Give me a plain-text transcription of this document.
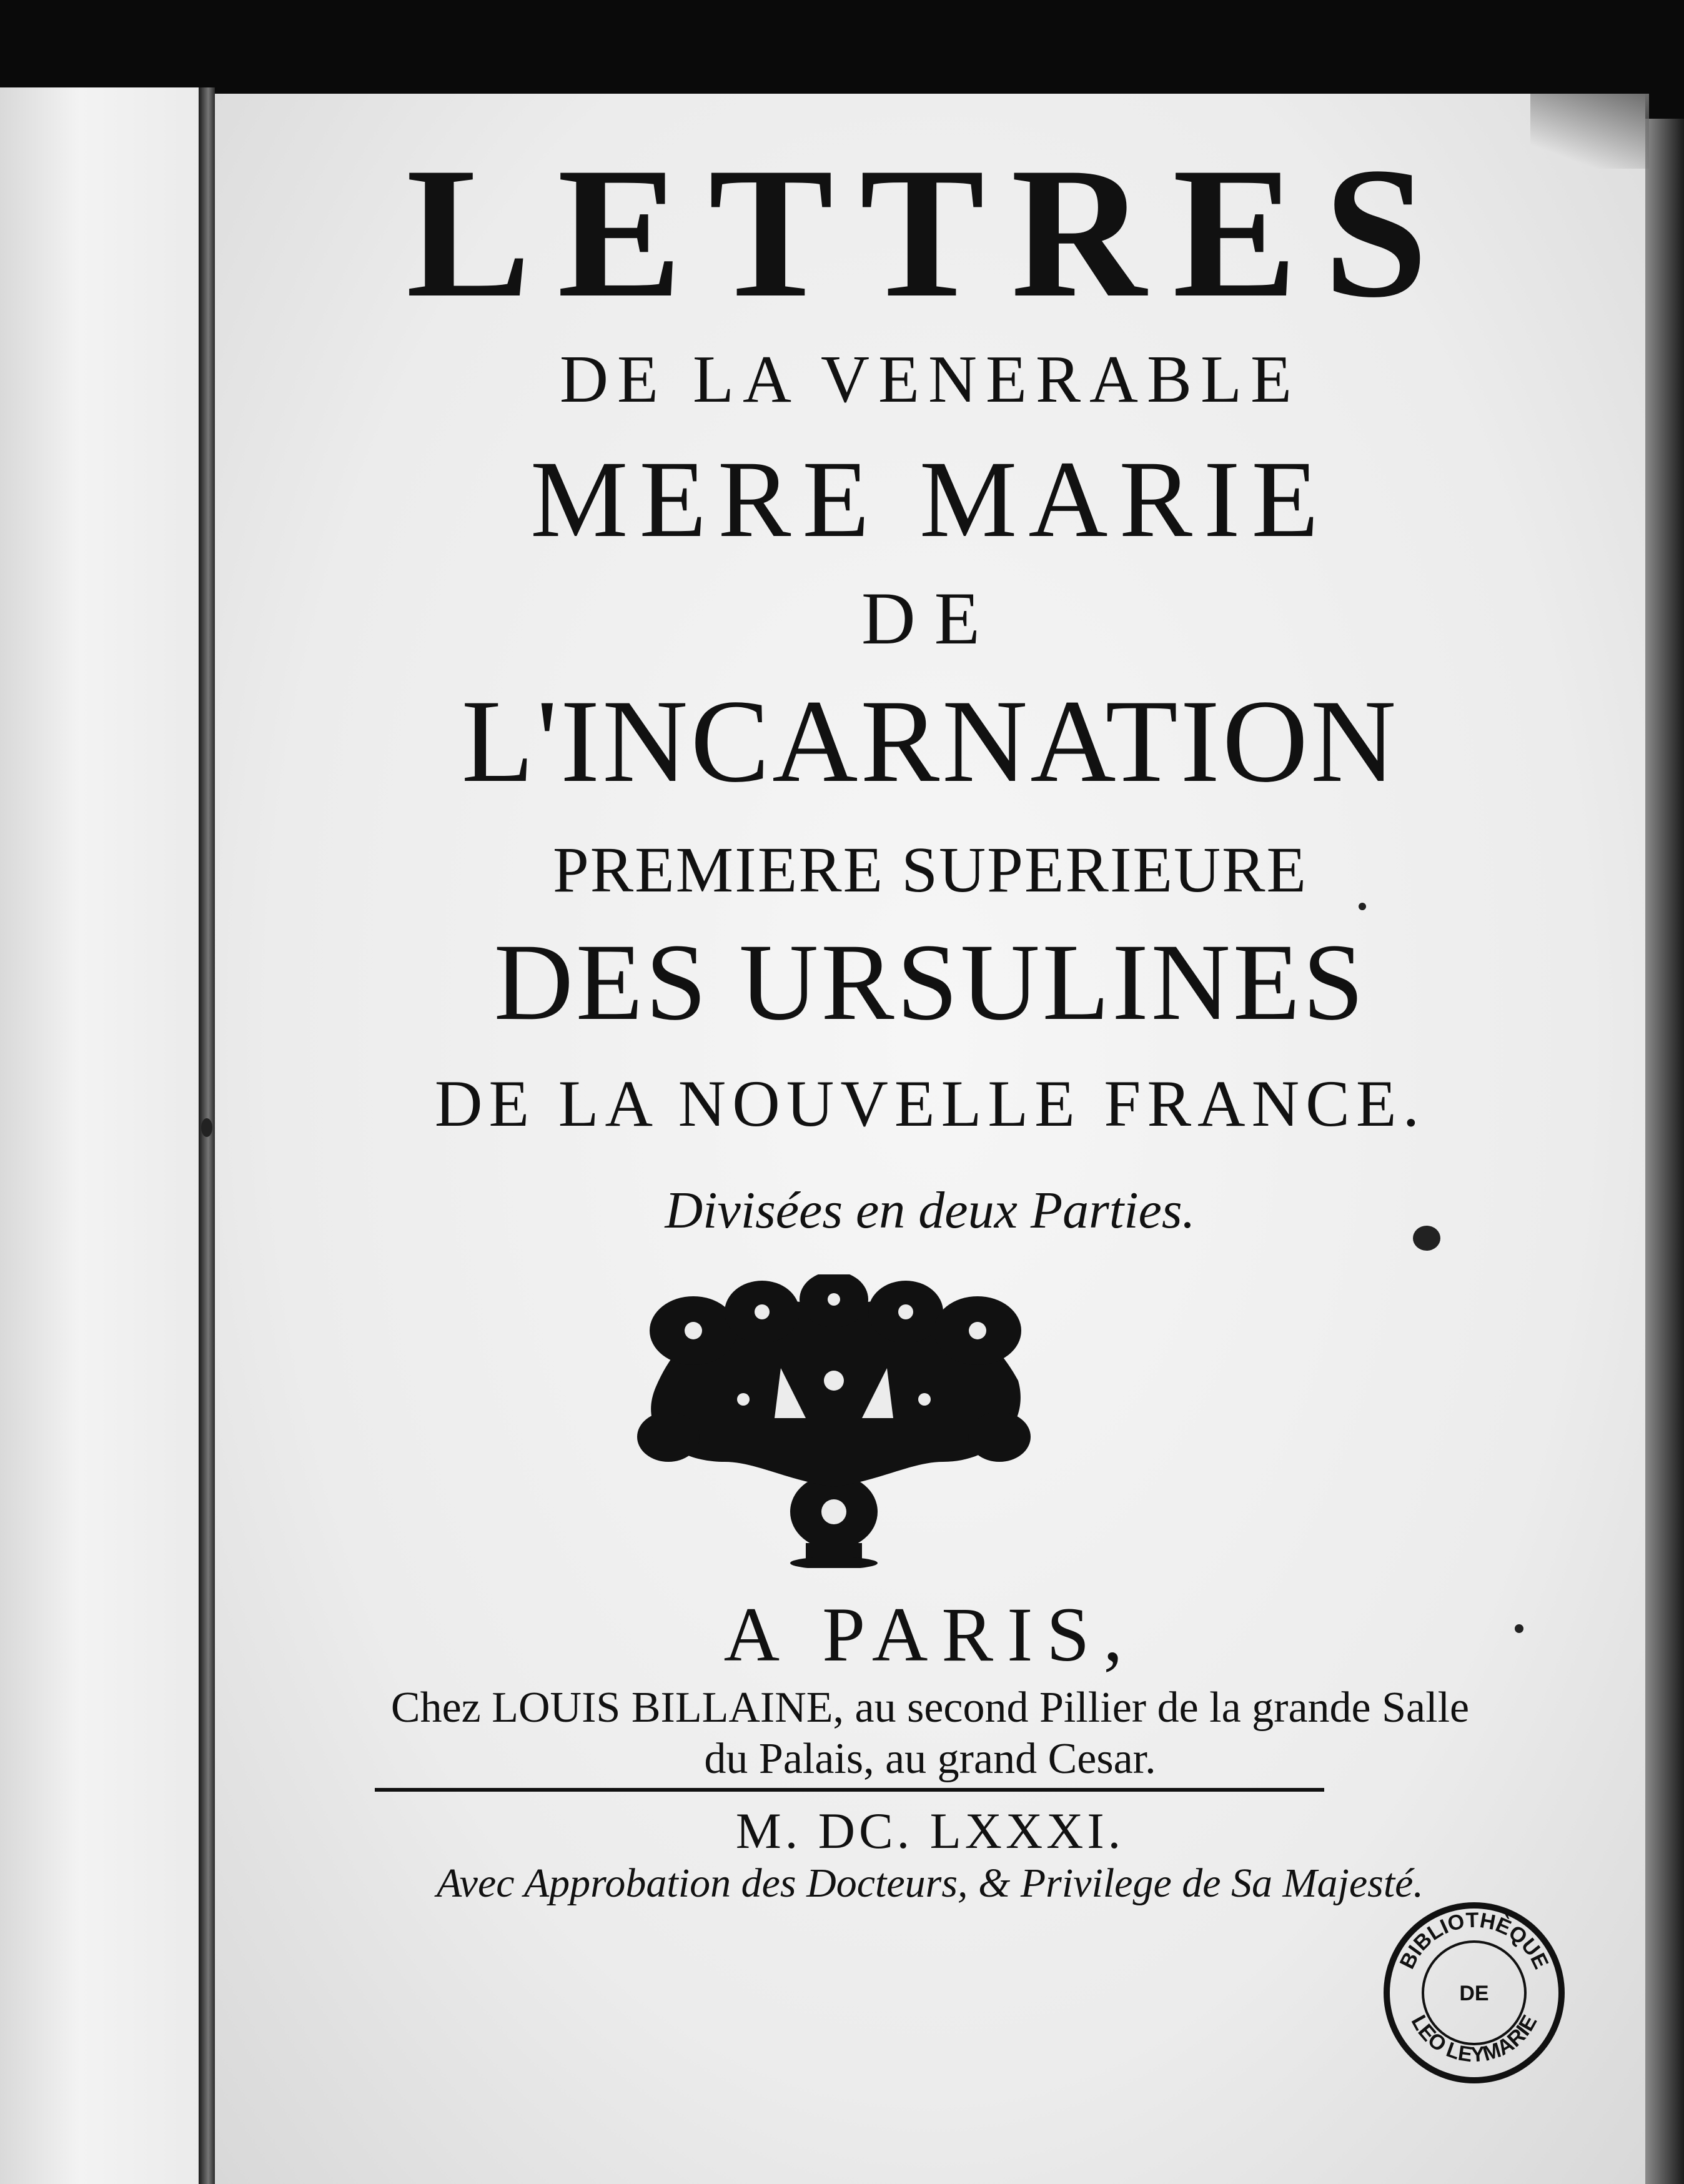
LETTRES
DE LA VENERABLE
MERE MARIE
DE
L'INCARNATION
PREMIERE SUPERIEURE
DES URSULINES
DE LA NOUVELLE FRANCE.
Divisées en deux Parties.
A PARIS,
Chez LOUIS BILLAINE, au second Pillier de la grande Salle
du Palais, au grand Cesar.
M. DC. LXXXI.
Avec Approbation des Docteurs, & Privilege de Sa Majesté.
BIBLIOTHÈQUE
DE
LEO LEYMARIE
